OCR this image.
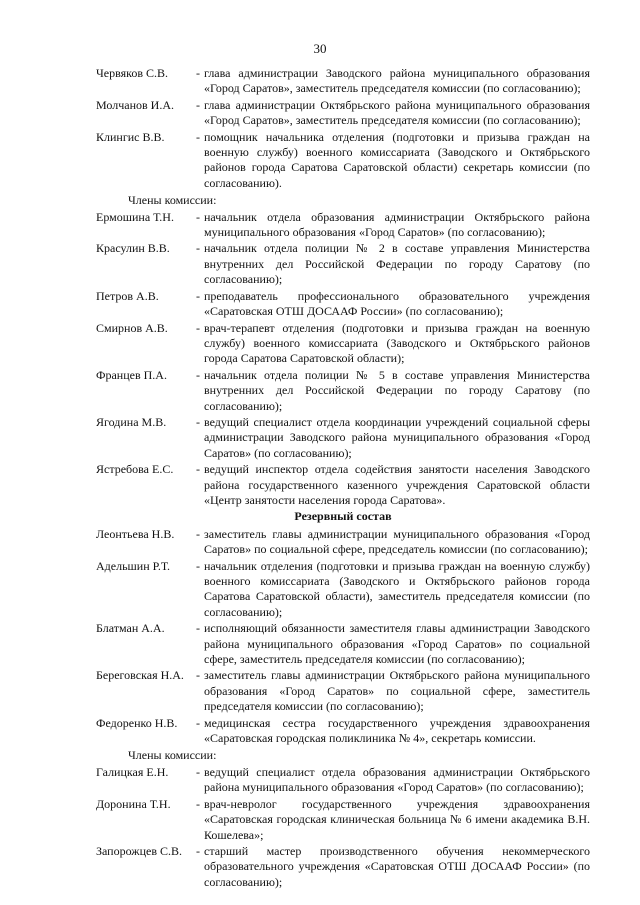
30
Червяков С.В.	- глава администрации Заводского района муниципального образования «Город Саратов», заместитель председателя комиссии (по согласованию);
Молчанов И.А.	- глава администрации Октябрьского района муниципального образования «Город Саратов», заместитель председателя комиссии (по согласованию);
Клингис В.В.	- помощник начальника отделения (подготовки и призыва граждан на военную службу) военного комиссариата (Заводского и Октябрьского районов города Саратова Саратовской области) секретарь комиссии (по согласованию).
Члены комиссии:
Ермошина Т.Н.	- начальник отдела образования администрации Октябрьского района муниципального образования «Город Саратов» (по согласованию);
Красулин В.В.	- начальник отдела полиции № 2 в составе управления Министерства внутренних дел Российской Федерации по городу Саратову (по согласованию);
Петров А.В.	- преподаватель профессионального образовательного учреждения «Саратовская ОТШ ДОСААФ России» (по согласованию);
Смирнов А.В.	- врач-терапевт отделения (подготовки и призыва граждан на военную службу) военного комиссариата (Заводского и Октябрьского районов города Саратова Саратовской области);
Францев П.А.	- начальник отдела полиции № 5 в составе управления Министерства внутренних дел Российской Федерации по городу Саратову (по согласованию);
Ягодина М.В.	- ведущий специалист отдела координации учреждений социальной сферы администрации Заводского района муниципального образования «Город Саратов» (по согласованию);
Ястребова Е.С.	- ведущий инспектор отдела содействия занятости населения Заводского района государственного казенного учреждения Саратовской области «Центр занятости населения города Саратова».
Резервный состав
Леонтьева Н.В.	- заместитель главы администрации муниципального образования «Город Саратов» по социальной сфере, председатель комиссии (по согласованию);
Адельшин Р.Т.	- начальник отделения (подготовки и призыва граждан на военную службу) военного комиссариата (Заводского и Октябрьского районов города Саратова Саратовской области), заместитель председателя комиссии (по согласованию);
Блатман А.А.	- исполняющий обязанности заместителя главы администрации Заводского района муниципального образования «Город Саратов» по социальной сфере, заместитель председателя комиссии (по согласованию);
Береговская Н.А.	- заместитель главы администрации Октябрьского района муниципального образования «Город Саратов» по социальной сфере, заместитель председателя комиссии (по согласованию);
Федоренко Н.В.	- медицинская сестра государственного учреждения здравоохранения «Саратовская городская поликлиника № 4», секретарь комиссии.
Члены комиссии:
Галицкая Е.Н.	- ведущий специалист отдела образования администрации Октябрьского района муниципального образования «Город Саратов» (по согласованию);
Доронина Т.Н.	- врач-невролог государственного учреждения здравоохранения «Саратовская городская клиническая больница № 6 имени академика В.Н. Кошелева»;
Запорожцев С.В.	- старший мастер производственного обучения некоммерческого образовательного учреждения «Саратовская ОТШ ДОСААФ России» (по согласованию);
